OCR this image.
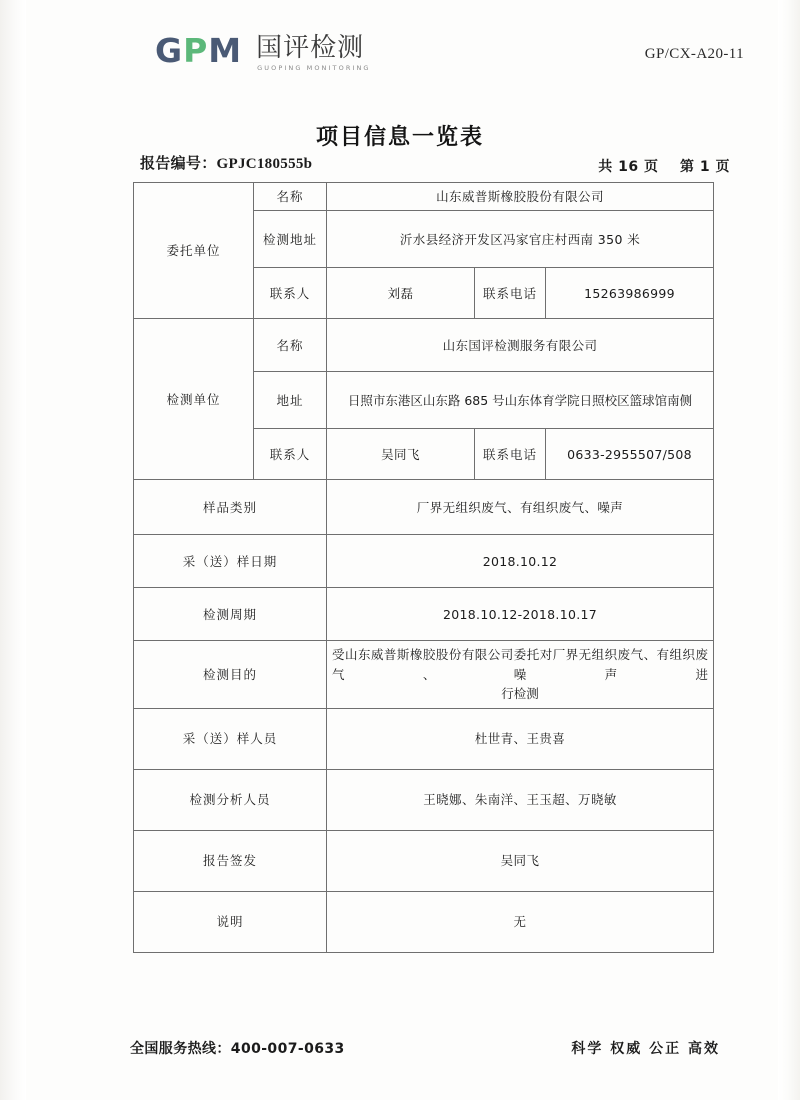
G P M 国评检测
GUOPING MONITORING
GP/CX-A20-11
项目信息一览表
报告编号：GPJC180555b	共 16 页    第 1 页
委托单位	名称	山东威普斯橡胶股份有限公司		
	检测地址	沂水县经济开发区冯家官庄村西南 350 米		
	联系人	刘磊	联系电话	15263986999
检测单位	名称	山东国评检测服务有限公司		
	地址	日照市东港区山东路 685 号山东体育学院日照校区篮球馆南侧		
	联系人	吴同飞	联系电话	0633-2955507/508
样品类别		厂界无组织废气、有组织废气、噪声		
采（送）样日期		2018.10.12		
检测周期		2018.10.12-2018.10.17		
检测目的		受山东威普斯橡胶股份有限公司委托对厂界无组织废气、有组织废气、噪声进
行检测		

采（送）样人员		杜世青、王贵喜		
检测分析人员		王晓娜、朱南洋、王玉超、万晓敏		
报告签发		吴同飞		
说明		无		
全国服务热线：400-007-0633	科学 权威 公正 高效
